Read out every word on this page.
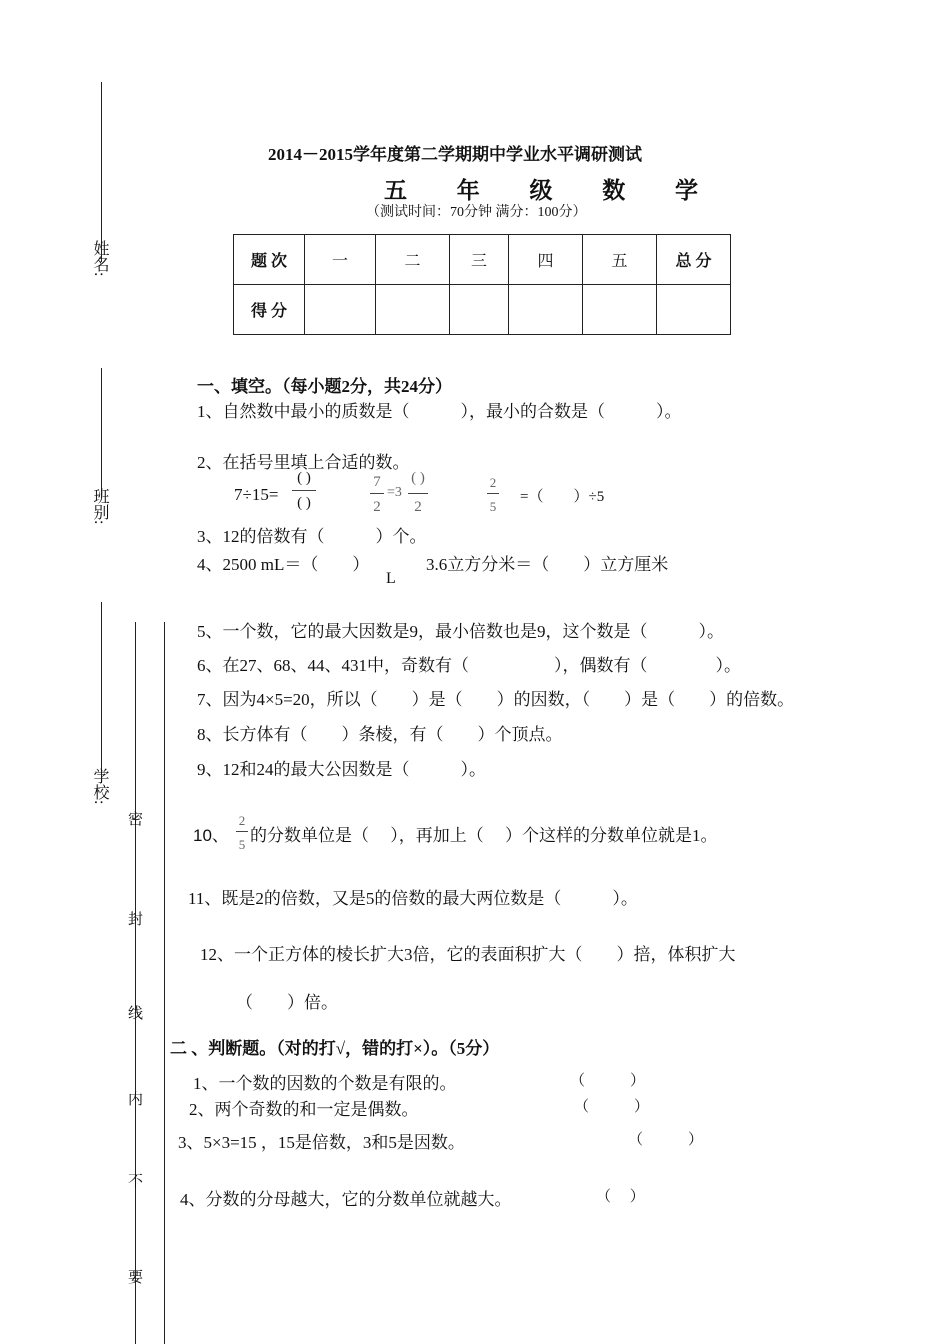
姓名:
班别:
学校:
密
封
线
内
不
要
2014－2015学年度第二学期期中学业水平调研测试
五 年 级 数 学
（测试时间：70分钟 满分：100分）
题 次	一	二	三	四	五	总 分
得 分						
一、填空。（每小题2分，共24分）
1、自然数中最小的质数是（　　　），最小的合数是（　　　）。
2、在括号里填上合适的数。
7÷15=
( )
( )
7
2
=3
( )
2
2
5
=（　　）÷5
3、12的倍数有（　　　）个。
4、2500 mL＝（　　）
L
3.6立方分米＝（　　）立方厘米
5、一个数，它的最大因数是9，最小倍数也是9，这个数是（　　　）。
6、在27、68、44、431中，奇数有（　　　　　），偶数有（　　　　）。
7、因为4×5=20，所以（　　）是（　　）的因数，（　　）是（　　）的倍数。
8、长方体有（　　）条棱，有（　　）个顶点。
9、12和24的最大公因数是（　　　）。
10、
2
5 的分数单位是（　 ），再加上（　 ）个这样的分数单位就是1。
11、既是2的倍数，又是5的倍数的最大两位数是（　　　）。
12、一个正方体的棱长扩大3倍，它的表面积扩大（　　）掊，体积扩大
（　　）倍。
二 、判断题。（对的打√，错的打×）。（5分）
1、一个数的因数的个数是有限的。	（　　　）
2、两个奇数的和一定是偶数。	（　　　）
3、5×3=15 ，15是倍数，3和5是因数。	（　　　）
4、分数的分母越大，它的分数单位就越大。	（　 ）
